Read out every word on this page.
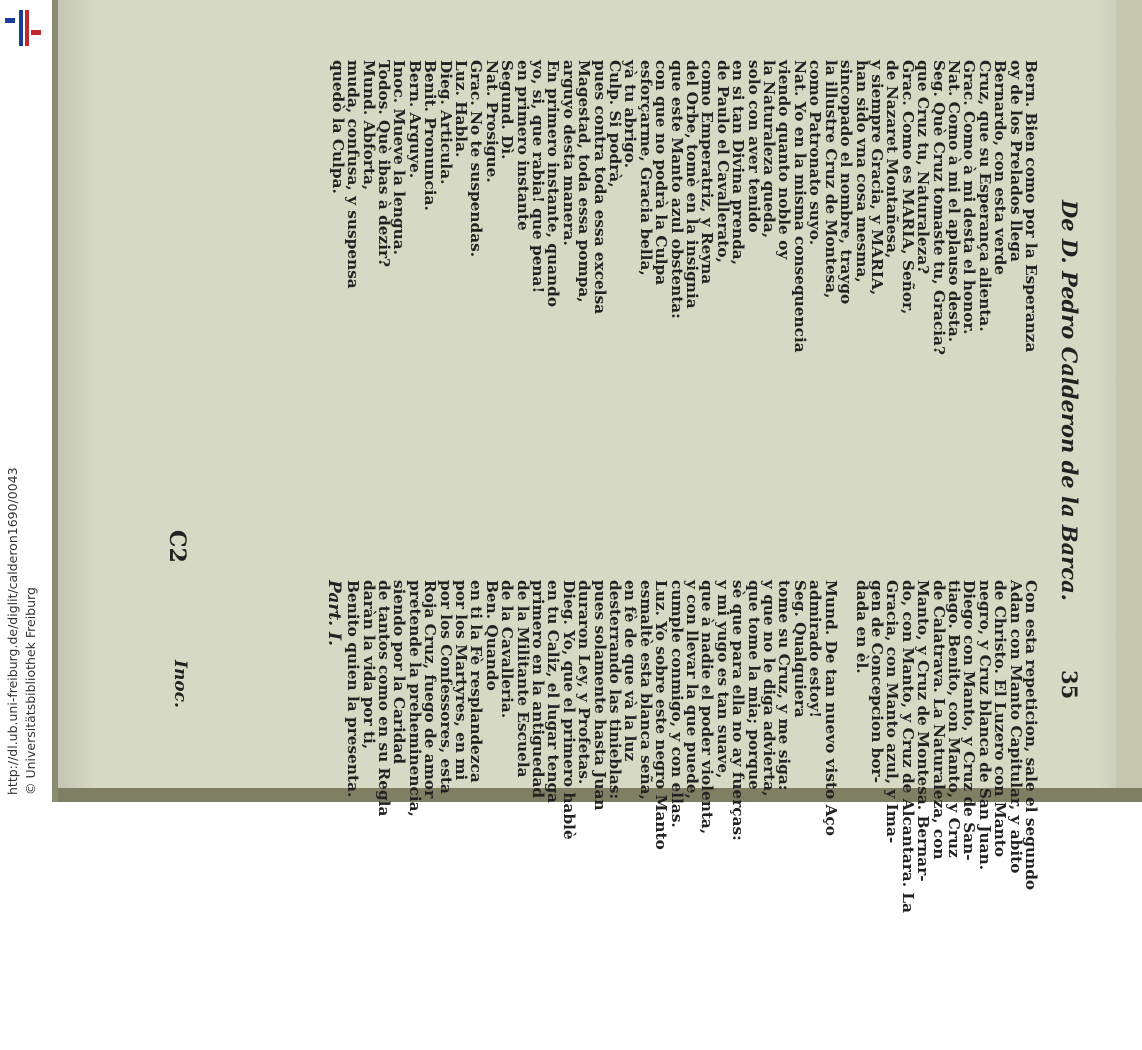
http://dl.ub.uni-freiburg.de/diglit/calderon1690/0043 © Universitätsbibliothek Freiburg
De D. Pedro Calderon de la Barca.
35
Bern. Bien como por la Esperanza
oy de los Prelados llega
Bernardo, con esta verde
Cruz, que su Esperança alienta.
Grac. Como à mi desta el honor.
Nat. Como à mi el aplauso desta.
Seg. Què Cruz tomaste tu, Gracia?
que Cruz tu, Naturaleza?
Grac. Como es MARIA, Señor,
de Nazaret Montañesa,
y siempre Gracia, y MARIA,
han sido vna cosa mesma,
sincopado el nombre, traygo
la illustre Cruz de Montesa,
como Patronato suyo.
Nat. Yo en la misma consequencia
viendo quanto noble oy
la Naturaleza queda,
solo con aver tenido
en si tan Divina prenda,
de Paulo el Cavallerato,
como Emperatriz, y Reyna
del Orbe, tomè en la insignia
que este Manto azul obstenta:
con que no podrà la Culpa
esforçarme, Gracia bella,
yà tu abrigo.
Culp. Si podrà,
pues contra toda essa excelsa
Magestad, toda essa pompa,
arguyo desta manera.
En primero instante, quando
yo, si, que rabia! que pena!
en primero instante
Segund. Dì.
Nat. Prosigue.
Grac. No te suspendas.
Luz. Habla.
Dieg. Articula.
Benit. Pronuncia.
Bern. Arguye.
Inoc. Mueve la lengua.
Todos. Què ibas à dezir?
Mund. Abforta,
muda, confusa, y suspensa
quedò la Culpa.
Con esta repeticion, sale el segundo
Adan con Manto Capitular, y abito
de Christo. El Luzero con Manto
negro, y Cruz blanca de San Juan.
Diego con Manto, y Cruz de San-
tiago. Benito, con Manto, y Cruz
de Calatrava. La Naturaleza, con
Manto, y Cruz de Montesa. Bernar-
do, con Manto, y Cruz de Alcantara. La
Gracia, con Manto azul, y Ima-
gen de Concepcion bor-
dada en èl.

Mund. De tan nuevo visto Aço
admirado estoy!
Seg. Qualquiera
tome su Cruz, y me siga:
y que no le diga advierta,
que tome la mia; porque
sè que para ella no ay fuerças:
y mi yugo es tan suave,
que à nadie el poder violenta,
y con llevar la que puede,
cumple conmigo, y con ellas.
Luz. Yo sobre este negro Manto
esmaltè esta blanca seña,
en fè de que và la luz
desterrando las tinieblas:
pues solamente hasta Juan
duraron Ley, y Profetas.
Dieg. Yo, que el primero hablè
en tu Caliz, el lugar tenga
primero en la antiguedad
de la Militante Escuela
de la Cavalleria.
Ben. Quando
en ti la Fè resplandezca
por los Martyres, en mi
por los Confessores, esta
Roja Cruz, fuego de amor
pretende la preheminencia,
siendo por la Caridad
de tantos como en su Regla
daràn la vida por ti,
Benito quien la presenta.
Part. I.
C2
Inoc.
